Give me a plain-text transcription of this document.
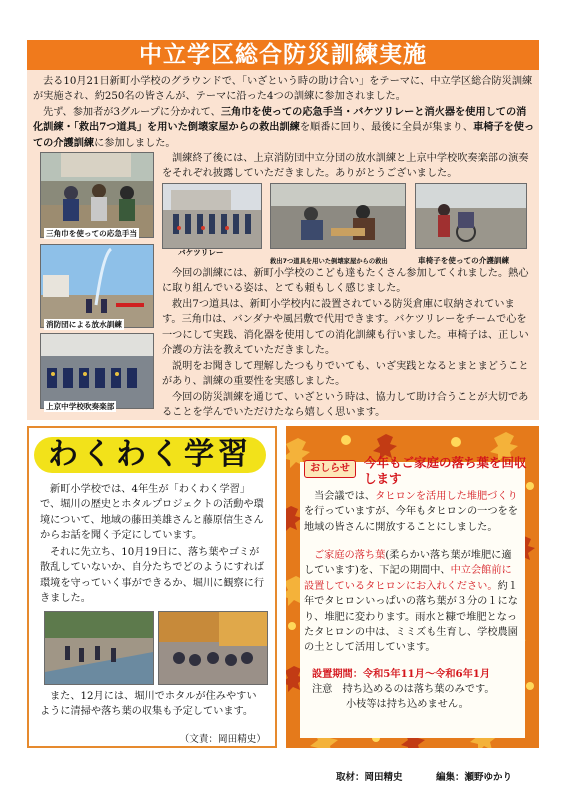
中立学区総合防災訓練実施

去る10月21日新町小学校のグラウンドで、「いざという時の助け合い」をテーマに、中立学区総合防災訓練が実施され、約250名の皆さんが、テーマに沿った4つの訓練に参加されました。

先ず、参加者が3グループに分かれて、三角巾を使っての応急手当・バケツリレーと消火器を使用しての消化訓練・「救出7つ道具」を用いた倒壊家屋からの救出訓練を順番に回り、最後に全員が集まり、車椅子を使っての介護訓練に参加しました。

訓練終了後には、上京消防団中立分団の放水訓練と上京中学校吹奏楽部の演奏をそれぞれ披露していただきました。ありがとうございました。

三角巾を使っての応急手当
バケツリレー
救出7つ道具を用いた倒壊家屋からの救出	車椅子を使っての介護訓練
消防団による放水訓練
上京中学校吹奏楽部

今回の訓練には、新町小学校のこども達もたくさん参加してくれました。熱心に取り組んでいる姿は、とても頼もしく感じました。

救出7つ道具は、新町小学校内に設置されている防災倉庫に収納されています。三角巾は、バンダナや風呂敷で代用できます。バケツリレーをチームで心を一つにして実践、消化器を使用しての消化訓練も行いました。車椅子は、正しい介護の方法を教えていただきました。

説明をお聞きして理解したつもりでいても、いざ実践となるとまとまどうことがあり、訓練の重要性を実感しました。

今回の防災訓練を通じて、いざという時は、協力して助け合うことが大切であることを学んでいただけたなら嬉しく思います。

わくわく学習

新町小学校では、4年生が「わくわく学習」で、堀川の歴史とホタルプロジェクトの活動や環境について、地域の藤田美雄さんと藤原信生さんからお話を聞く予定にしています。

それに先立ち、10月19日に、落ち葉やゴミが散乱していないか、自分たちでどのようにすれば環境を守っていく事ができるか、堀川に観察に行きました。

また、12月には、堀川でホタルが住みやすいように清掃や落ち葉の収集も予定しています。

（文責：岡田精史）
おしらせ	今年もご家庭の落ち葉を回収します

当会議では、タヒロンを活用した堆肥づくりを行っていますが、今年もタヒロンの一つをを地域の皆さんに開放することにしました。

ご家庭の落ち葉(柔らかい落ち葉が堆肥に適しています)を、下記の期間中、中立会館前に設置しているタヒロンにお入れください。約１年でタヒロンいっぱいの落ち葉が３分の１になり、堆肥に変わります。雨水と糠で堆肥となったタヒロンの中は、ミミズも生育し、学校農園の土として活用しています。

設置期間：令和5年11月～令和6年1月
注意　持ち込めるのは落ち葉のみです。
小枝等は持ち込めません。
取材：岡田精史	編集：瀬野ゆかり
